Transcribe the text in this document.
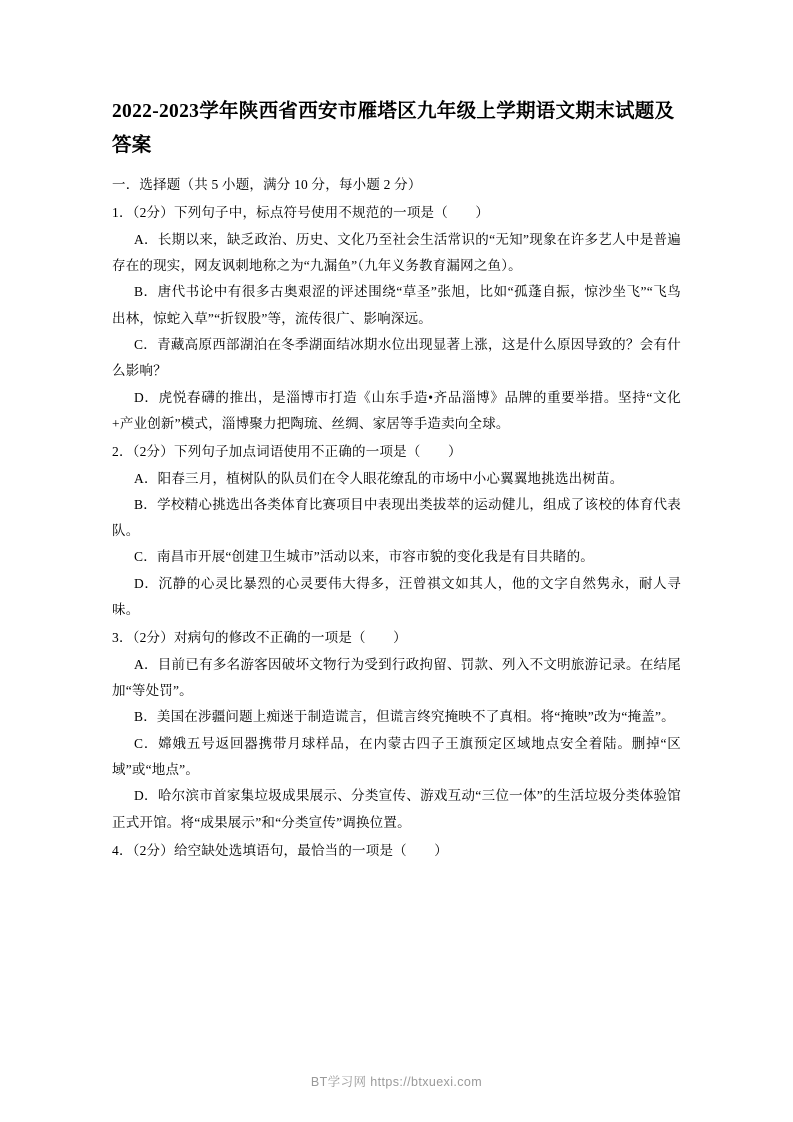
2022-2023学年陕西省西安市雁塔区九年级上学期语文期末试题及答案

一．选择题（共 5 小题，满分 10 分，每小题 2 分）

1．（2分）下列句子中，标点符号使用不规范的一项是（　　）

A．长期以来，缺乏政治、历史、文化乃至社会生活常识的“无知”现象在许多艺人中是普遍存在的现实，网友讽刺地称之为“九漏鱼”（九年义务教育漏网之鱼）。

B．唐代书论中有很多古奥艰涩的评述围绕“草圣”张旭，比如“孤蓬自振，惊沙坐飞”“飞鸟出林，惊蛇入草”“折钗股”等，流传很广、影响深远。

C．青藏高原西部湖泊在冬季湖面结冰期水位出现显著上涨，这是什么原因导致的？会有什么影响？

D．虎悦春礴的推出，是淄博市打造《山东手造•齐品淄博》品牌的重要举措。坚持“文化+产业创新”模式，淄博聚力把陶琉、丝绸、家居等手造卖向全球。

2．（2分）下列句子加点词语使用不正确的一项是（　　）

A．阳春三月，植树队的队员们在令人眼花缭乱的市场中小心翼翼地挑选出树苗。

B．学校精心挑选出各类体育比赛项目中表现出类拔萃的运动健儿，组成了该校的体育代表队。

C．南昌市开展“创建卫生城市”活动以来，市容市貌的变化我是有目共睹的。

D．沉静的心灵比暴烈的心灵要伟大得多，汪曾祺文如其人，他的文字自然隽永，耐人寻味。

3．（2分）对病句的修改不正确的一项是（　　）

A．目前已有多名游客因破坏文物行为受到行政拘留、罚款、列入不文明旅游记录。在结尾加“等处罚”。

B．美国在涉疆问题上痴迷于制造谎言，但谎言终究掩映不了真相。将“掩映”改为“掩盖”。

C．嫦娥五号返回器携带月球样品，在内蒙古四子王旗预定区域地点安全着陆。删掉“区域”或“地点”。

D．哈尔滨市首家集垃圾成果展示、分类宣传、游戏互动“三位一体”的生活垃圾分类体验馆正式开馆。将“成果展示”和“分类宣传”调换位置。

4．（2分）给空缺处选填语句，最恰当的一项是（　　）

BT学习网 https://btxuexi.com
